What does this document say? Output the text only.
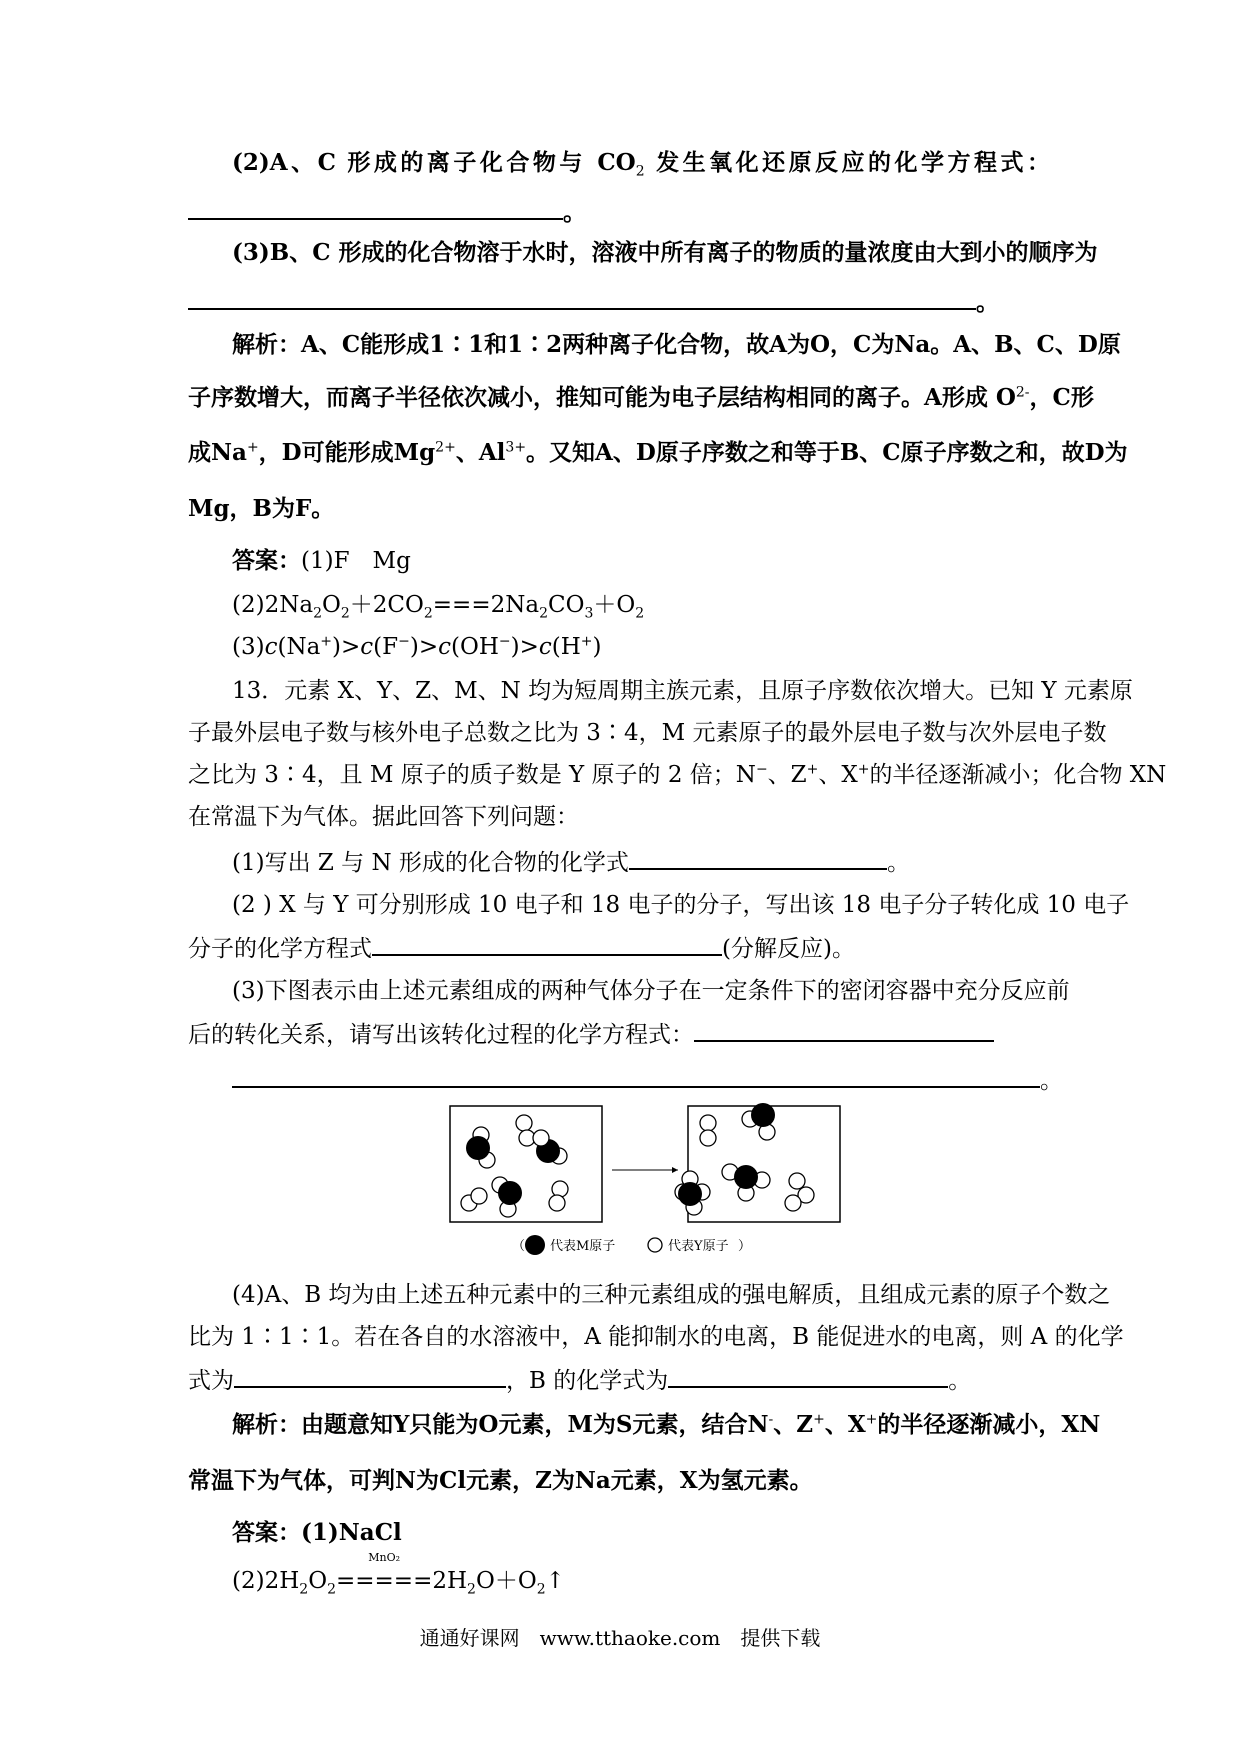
(2)A、C 形成的离子化合物与 $CO_2$ 发生氧化还原反应的化学方程式：
。
(3)B、C 形成的化合物溶于水时，溶液中所有离子的物质的量浓度由大到小的顺序为
。
解析：A、C能形成1∶1和1∶2两种离子化合物，故A为O，C为Na。A、B、C、D原
子序数增大，而离子半径依次减小，推知可能为电子层结构相同的离子。A形成 $O^{2-}$，C形
成Na+，D可能形成$Mg^{2+}$、$Al^{3+}$。又知A、D原子序数之和等于B、C原子序数之和，故D为
Mg，B为F。
答案：(1)F　Mg
$(2)2Na_2O_2+2CO_2===2Na_2CO_3+O_2$
(3)c(Na+)>c(F−)>c(OH−)>c(H+)
13．元素 X、Y、Z、M、N 均为短周期主族元素，且原子序数依次增大。已知 Y 元素原
子最外层电子数与核外电子总数之比为 3∶4，M 元素原子的最外层电子数与次外层电子数
之比为 3∶4，且 M 原子的质子数是 Y 原子的 2 倍；N−、Z+、X+的半径逐渐减小；化合物 XN
在常温下为气体。据此回答下列问题：
(1)写出 Z 与 N 形成的化合物的化学式	。
(2 ) X 与 Y 可分别形成 10 电子和 18 电子的分子，写出该 18 电子分子转化成 10 电子
分子的化学方程式	(分解反应)。
(3)下图表示由上述元素组成的两种气体分子在一定条件下的密闭容器中充分反应前
后的转化关系，请写出该转化过程的化学方程式：
。
（ 代表M原子	代表Y原子 ）
(4)A、B 均为由上述五种元素中的三种元素组成的强电解质，且组成元素的原子个数之
比为 1∶1∶1。若在各自的水溶液中，A 能抑制水的电离，B 能促进水的电离，则 A 的化学
式为	，B 的化学式为	。
解析：由题意知Y只能为O元素，M为S元素，结合N-、Z+、X+的半径逐渐减小，XN
常温下为气体，可判N为Cl元素，Z为Na元素，X为氢元素。
答案：(1)NaCl
$(2)2H_2O_2$
MnO₂
$=====2H_2O+O_2↑$
通通好课网　www.tthaoke.com　提供下载
